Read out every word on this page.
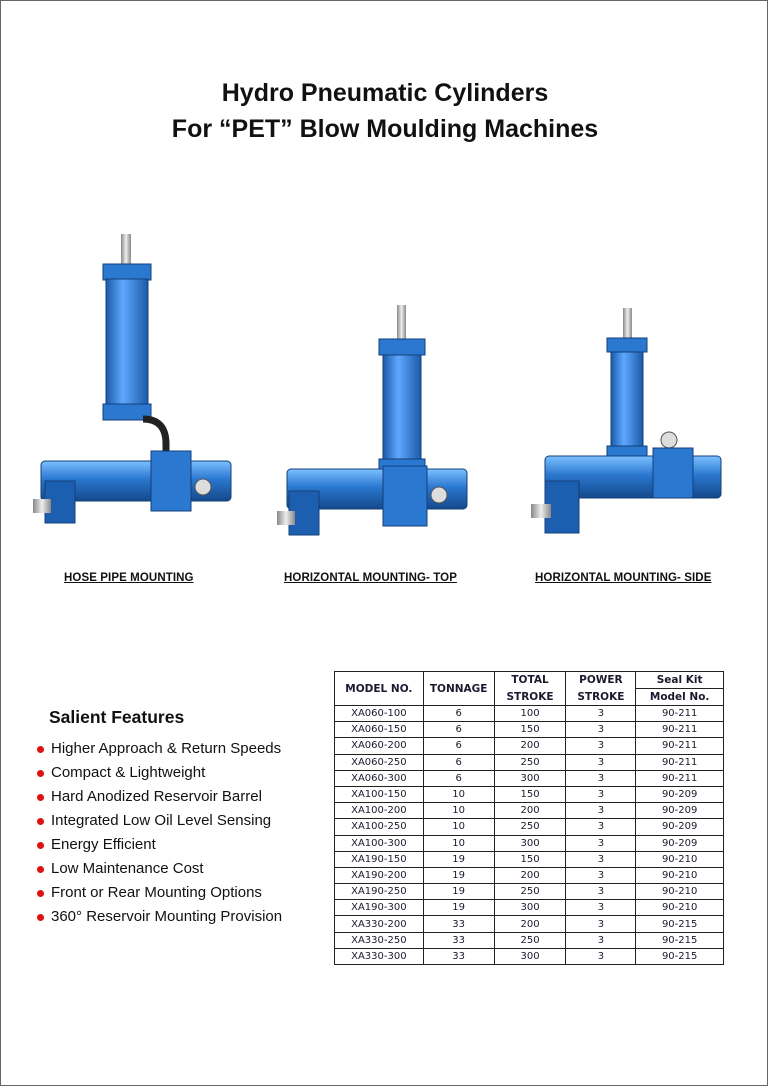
Hydro Pneumatic Cylinders
For “PET” Blow Moulding Machines
HOSE PIPE MOUNTING	HORIZONTAL MOUNTING- TOP	HORIZONTAL MOUNTING- SIDE
Salient Features
Higher Approach & Return Speeds
Compact & Lightweight
Hard Anodized Reservoir Barrel
Integrated Low Oil Level Sensing
Energy Efficient
Low Maintenance Cost
Front or Rear Mounting Options
360° Reservoir Mounting Provision
MODEL NO.	TONNAGE	TOTAL	POWER	Seal Kit
		STROKE	STROKE	Model No.
XA060-100	6	100	3	90-211
XA060-150	6	150	3	90-211
XA060-200	6	200	3	90-211
XA060-250	6	250	3	90-211
XA060-300	6	300	3	90-211
XA100-150	10	150	3	90-209
XA100-200	10	200	3	90-209
XA100-250	10	250	3	90-209
XA100-300	10	300	3	90-209
XA190-150	19	150	3	90-210
XA190-200	19	200	3	90-210
XA190-250	19	250	3	90-210
XA190-300	19	300	3	90-210
XA330-200	33	200	3	90-215
XA330-250	33	250	3	90-215
XA330-300	33	300	3	90-215
